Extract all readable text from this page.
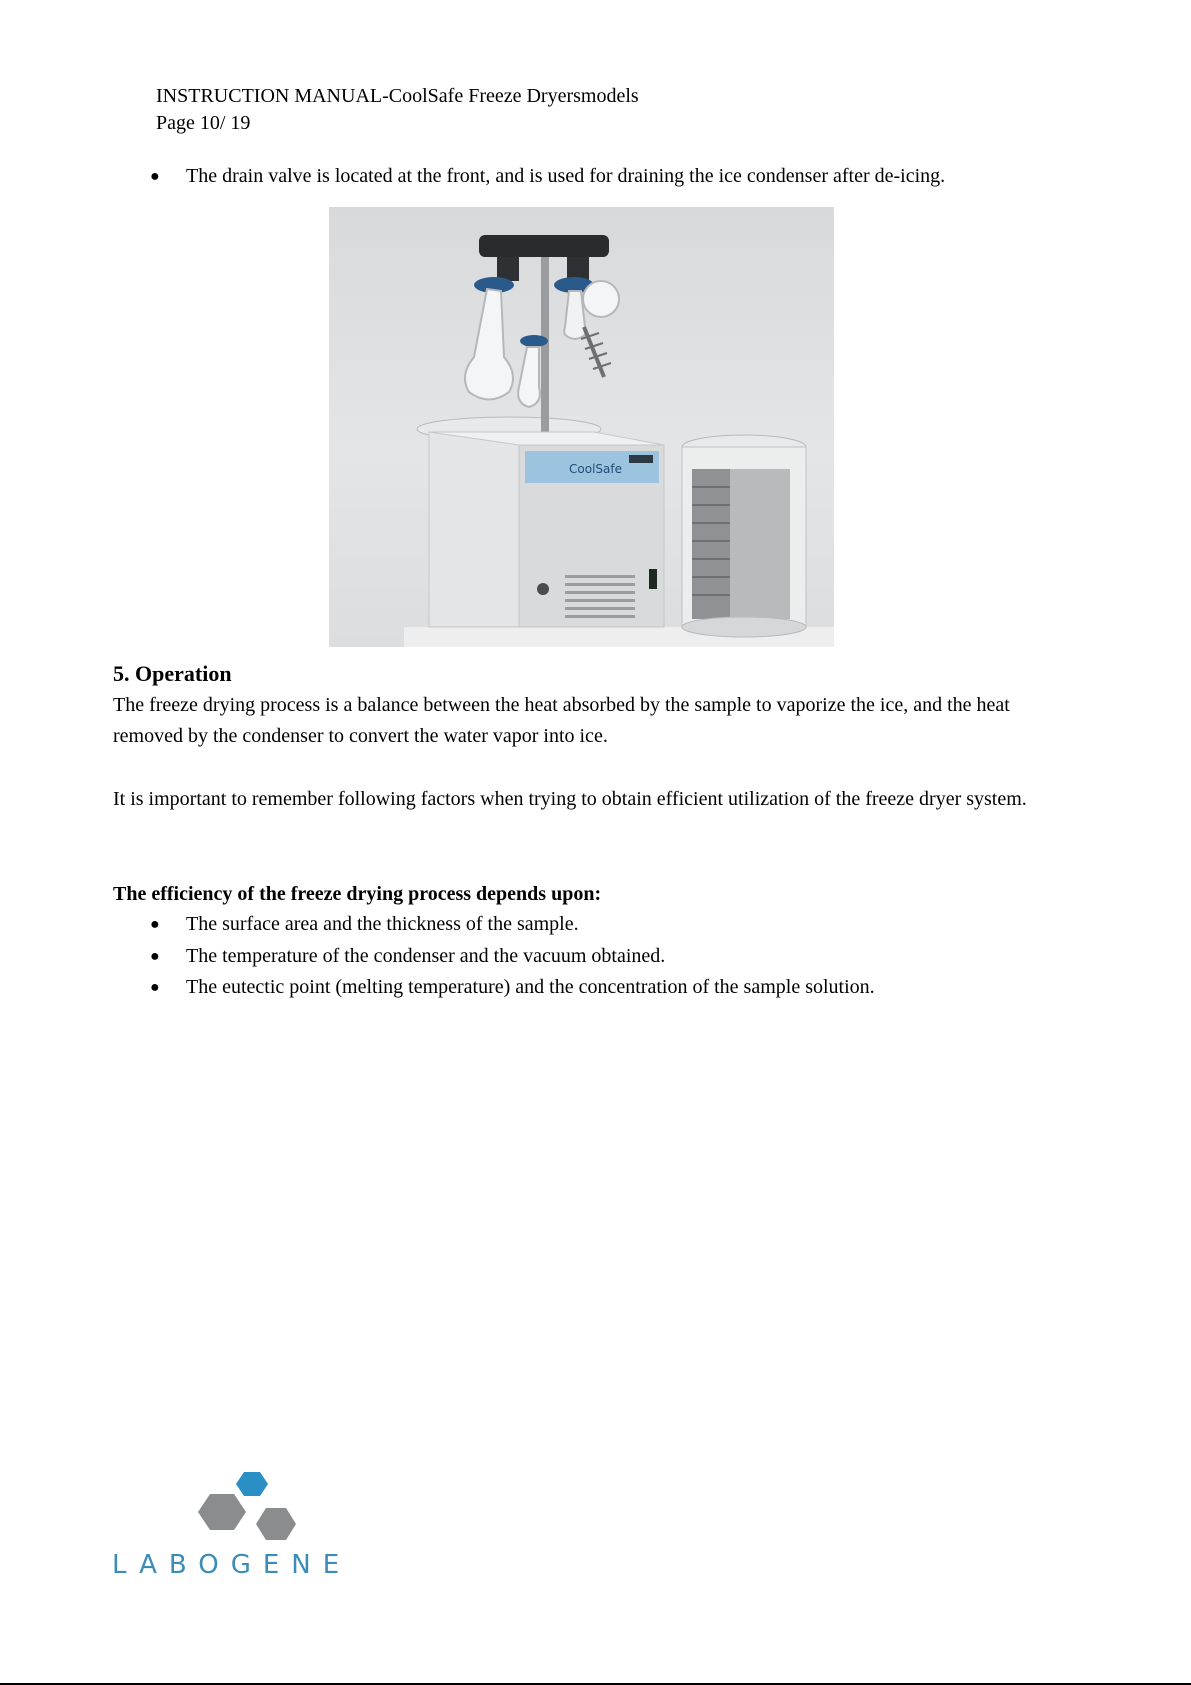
INSTRUCTION MANUAL-CoolSafe Freeze Dryersmodels
Page 10/ 19
● The drain valve is located at the front, and is used for draining the ice condenser after de-icing.
CoolSafe
5. Operation

The freeze drying process is a balance between the heat absorbed by the sample to vaporize the ice, and the heat removed by the condenser to convert the water vapor into ice.

It is important to remember following factors when trying to obtain efficient utilization of the freeze dryer system.

The efficiency of the freeze drying process depends upon:
● The surface area and the thickness of the sample.
● The temperature of the condenser and the vacuum obtained.
● The eutectic point (melting temperature) and the concentration of the sample solution.
LABOGENE
